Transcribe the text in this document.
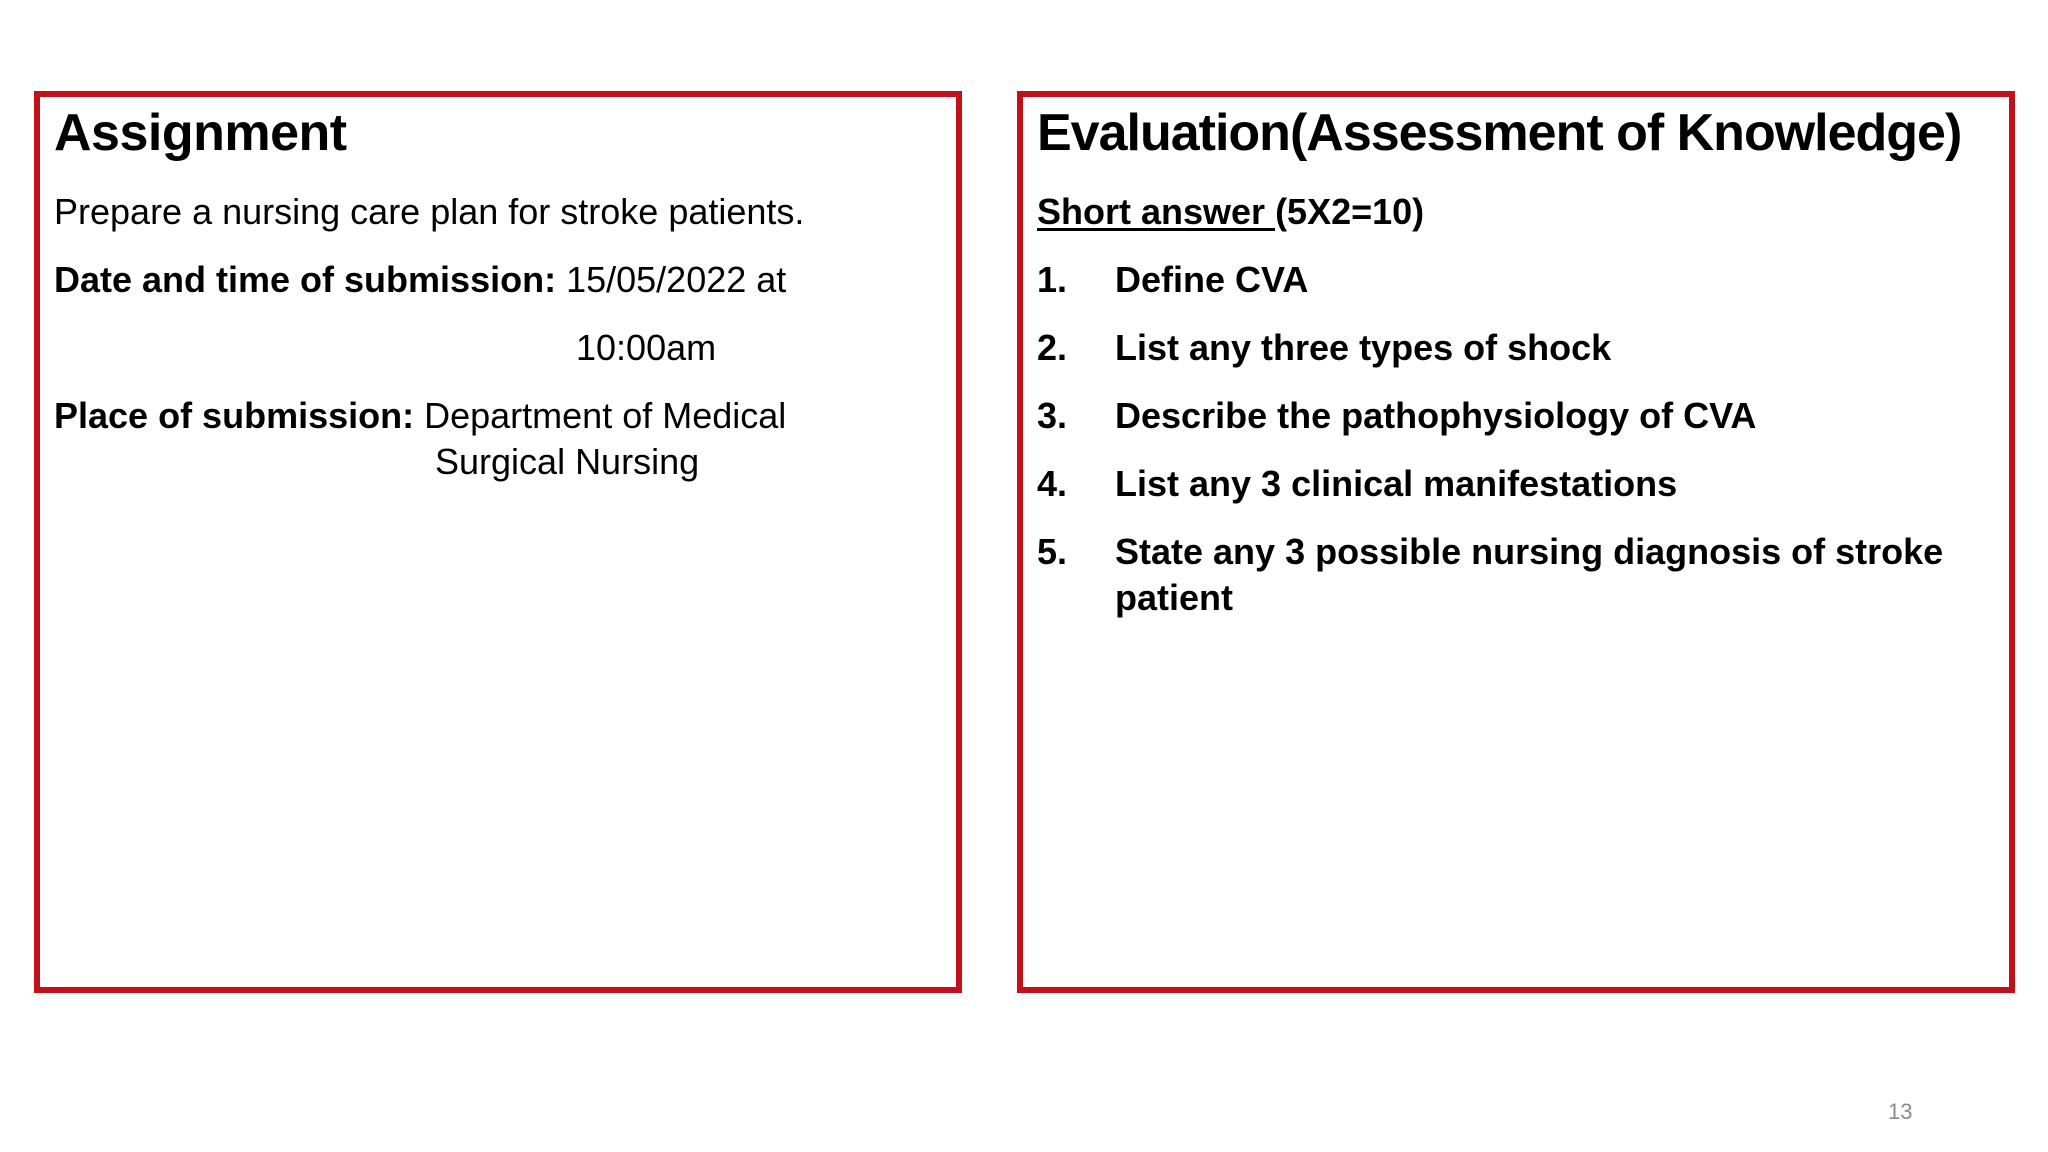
Assignment
Prepare a nursing care plan for stroke patients.
Date and time of submission: 15/05/2022 at
10:00am
Place of submission: Department of Medical
Surgical Nursing
Evaluation(Assessment of Knowledge)
Short answer (5X2=10)
1. Define CVA
2. List any three types of shock
3. Describe the pathophysiology of CVA
4. List any 3 clinical manifestations
5. State any 3 possible nursing diagnosis of stroke patient
13
